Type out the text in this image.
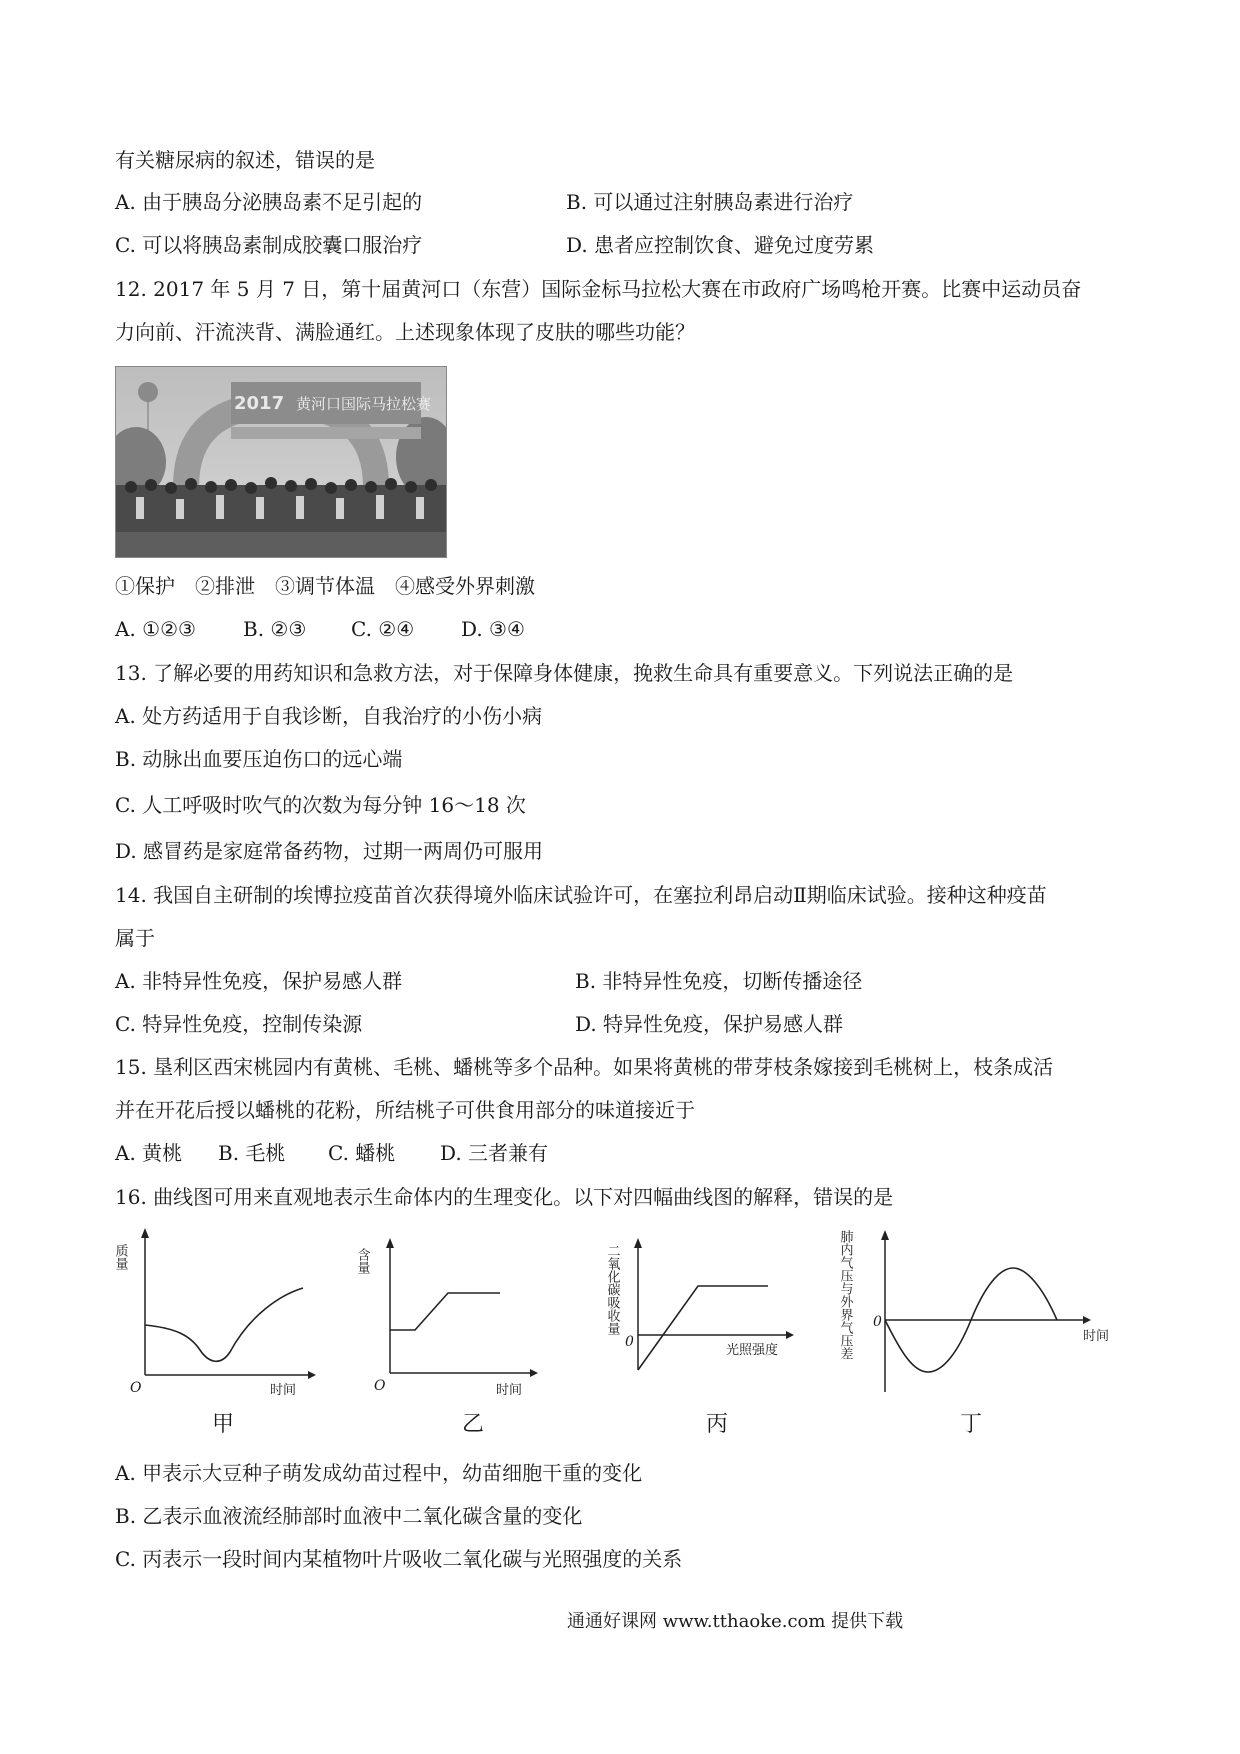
有关糖尿病的叙述，错误的是
A. 由于胰岛分泌胰岛素不足引起的	B. 可以通过注射胰岛素进行治疗
C. 可以将胰岛素制成胶囊口服治疗	D. 患者应控制饮食、避免过度劳累
12. 2017 年 5 月 7 日，第十届黄河口（东营）国际金标马拉松大赛在市政府广场鸣枪开赛。比赛中运动员奋
力向前、汗流浃背、满脸通红。上述现象体现了皮肤的哪些功能？
2017 黄河口国际马拉松赛
①保护　②排泄　③调节体温　④感受外界刺激
A. ①②③ B. ②③ C. ②④ D. ③④
13. 了解必要的用药知识和急救方法，对于保障身体健康，挽救生命具有重要意义。下列说法正确的是
A. 处方药适用于自我诊断，自我治疗的小伤小病
B. 动脉出血要压迫伤口的远心端
C. 人工呼吸时吹气的次数为每分钟 16～18 次
D. 感冒药是家庭常备药物，过期一两周仍可服用
14. 我国自主研制的埃博拉疫苗首次获得境外临床试验许可，在塞拉利昂启动Ⅱ期临床试验。接种这种疫苗
属于
A. 非特异性免疫，保护易感人群	B. 非特异性免疫，切断传播途径
C. 特异性免疫，控制传染源	D. 特异性免疫，保护易感人群
15. 垦利区西宋桃园内有黄桃、毛桃、蟠桃等多个品种。如果将黄桃的带芽枝条嫁接到毛桃树上，枝条成活
并在开花后授以蟠桃的花粉，所结桃子可供食用部分的味道接近于
A. 黄桃 B. 毛桃 C. 蟠桃 D. 三者兼有
16. 曲线图可用来直观地表示生命体内的生理变化。以下对四幅曲线图的解释，错误的是
质量
O	时间
甲
含量
O	时间
乙
二氧化碳吸收量
0
光照强度
丙
肺内气压与外界气压差 0
时间
丁
A. 甲表示大豆种子萌发成幼苗过程中，幼苗细胞干重的变化
B. 乙表示血液流经肺部时血液中二氧化碳含量的变化
C. 丙表示一段时间内某植物叶片吸收二氧化碳与光照强度的关系
通通好课网 www.tthaoke.com 提供下载
